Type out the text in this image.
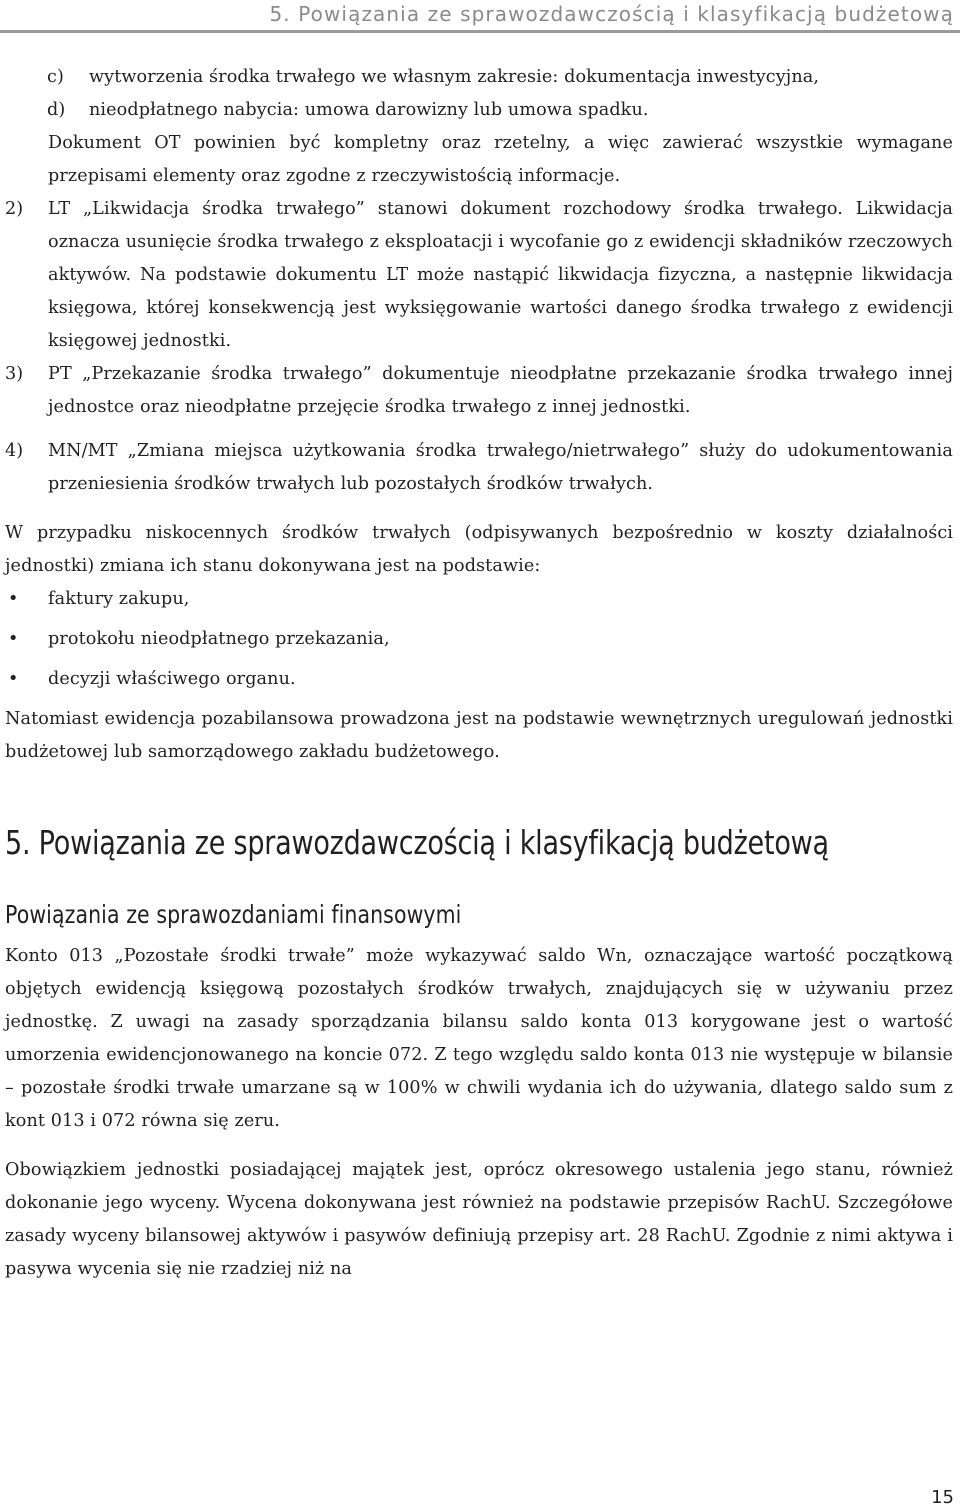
5. Powiązania ze sprawozdawczością i klasyfikacją budżetową
c) wytworzenia środka trwałego we własnym zakresie: dokumentacja inwestycyjna,

d) nieodpłatnego nabycia: umowa darowizny lub umowa spadku.

Dokument OT powinien być kompletny oraz rzetelny, a więc zawierać wszystkie wymagane przepisami elementy oraz zgodne z rzeczywistością informacje.

2) LT „Likwidacja środka trwałego” stanowi dokument rozchodowy środka trwałego. Likwidacja oznacza usunięcie środka trwałego z eksploatacji i wycofanie go z ewidencji składników rzeczowych aktywów. Na podstawie dokumentu LT może nastąpić likwidacja fizyczna, a następnie likwidacja księgowa, której konsekwencją jest wyksięgowanie wartości danego środka trwałego z ewidencji księgowej jednostki.

3) PT „Przekazanie środka trwałego” dokumentuje nieodpłatne przekazanie środka trwałego innej jednostce oraz nieodpłatne przejęcie środka trwałego z innej jednostki.

4) MN/MT „Zmiana miejsca użytkowania środka trwałego/nietrwałego” służy do udokumentowania przeniesienia środków trwałych lub pozostałych środków trwałych.

W przypadku niskocennych środków trwałych (odpisywanych bezpośrednio w koszty działalności jednostki) zmiana ich stanu dokonywana jest na podstawie:

• faktury zakupu,
• protokołu nieodpłatnego przekazania,
• decyzji właściwego organu.

Natomiast ewidencja pozabilansowa prowadzona jest na podstawie wewnętrznych uregulowań jednostki budżetowej lub samorządowego zakładu budżetowego.

5. Powiązania ze sprawozdawczością i klasyfikacją budżetową
Powiązania ze sprawozdaniami finansowymi

Konto 013 „Pozostałe środki trwałe” może wykazywać saldo Wn, oznaczające wartość początkową objętych ewidencją księgową pozostałych środków trwałych, znajdujących się w używaniu przez jednostkę. Z uwagi na zasady sporządzania bilansu saldo konta 013 korygowane jest o wartość umorzenia ewidencjonowanego na koncie 072. Z tego względu saldo konta 013 nie występuje w bilansie – pozostałe środki trwałe umarzane są w 100% w chwili wydania ich do używania, dlatego saldo sum z kont 013 i 072 równa się zeru.

Obowiązkiem jednostki posiadającej majątek jest, oprócz okresowego ustalenia jego stanu, również dokonanie jego wyceny. Wycena dokonywana jest również na podstawie przepisów RachU. Szczegółowe zasady wyceny bilansowej aktywów i pasywów definiują przepisy art. 28 RachU. Zgodnie z nimi aktywa i pasywa wycenia się nie rzadziej niż na

15
